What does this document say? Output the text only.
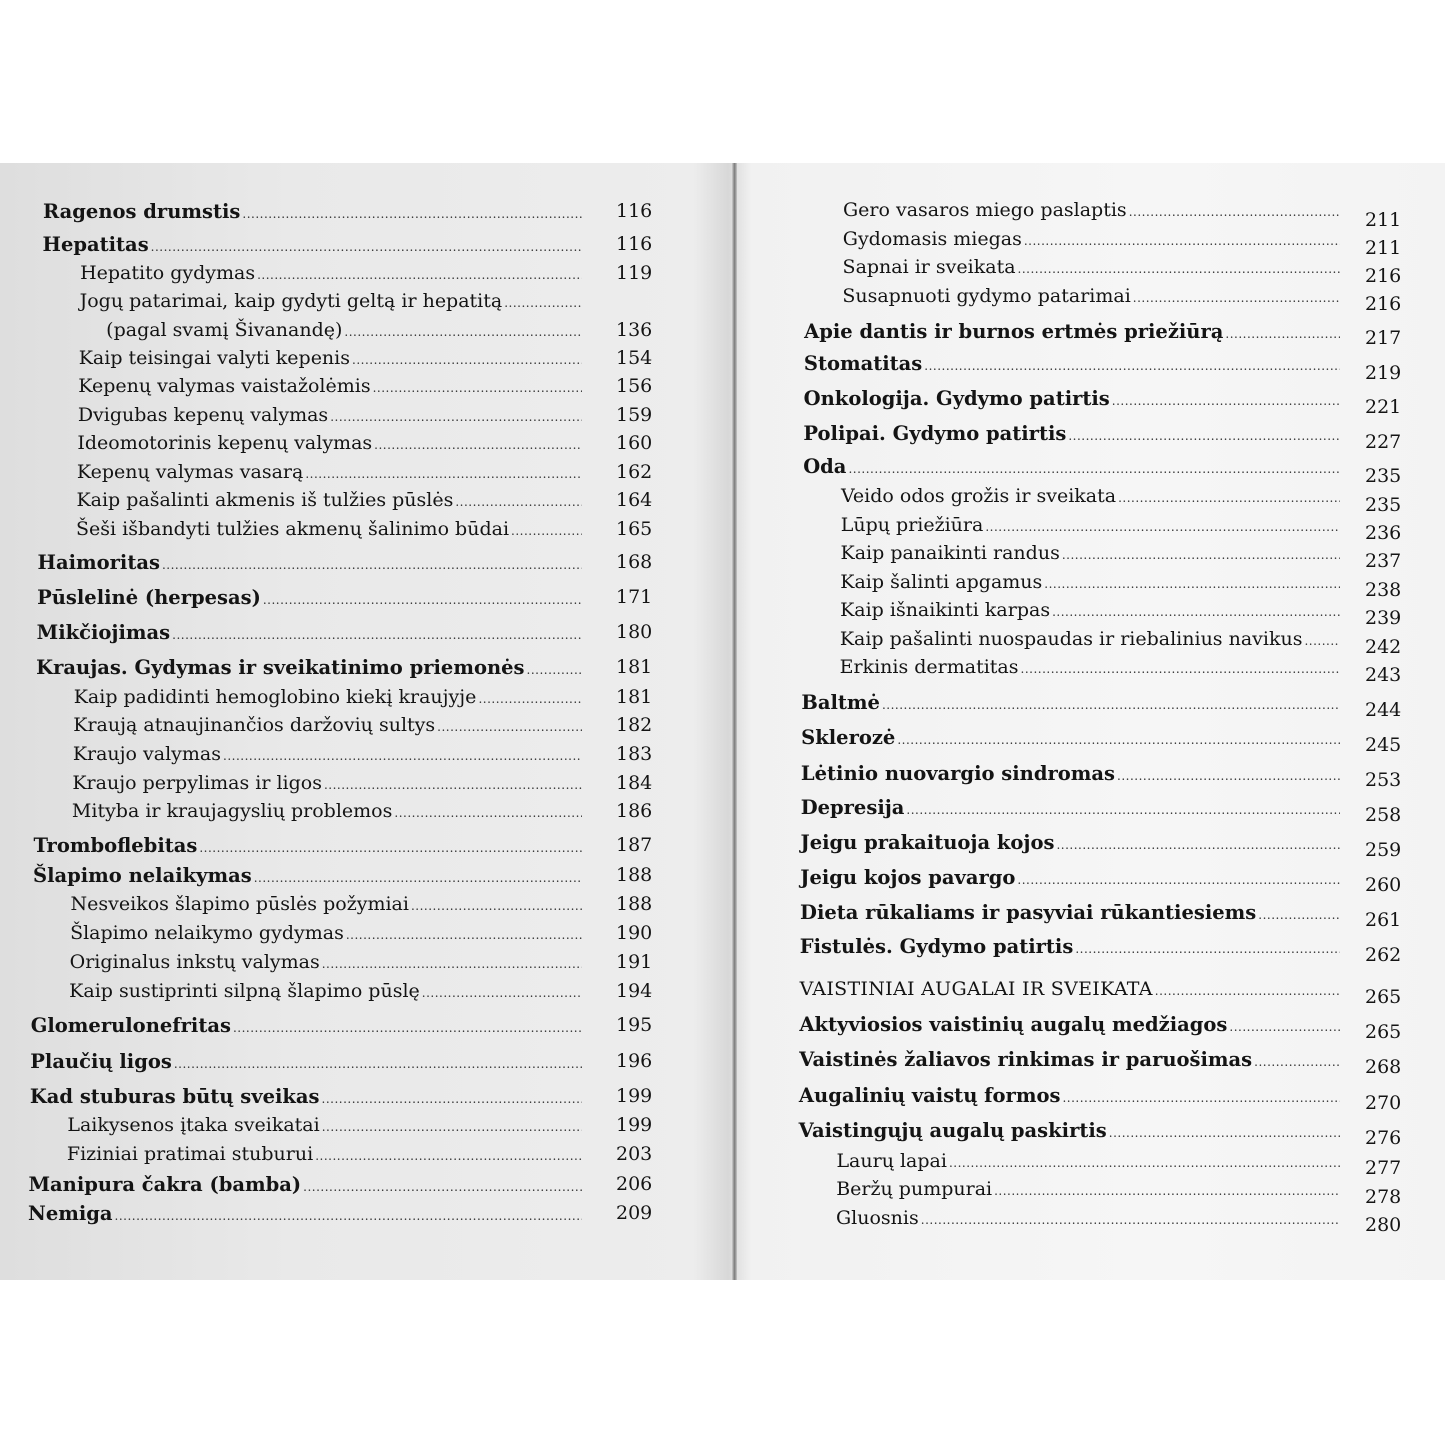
Ragenos drumstis .....	116
Hepatitas .....	116
Hepatito gydymas .....	119
Jogų patarimai, kaip gydyti geltą ir hepatitą
.....
(pagal svamį Šivanandę) .....	136
Kaip teisingai valyti kepenis .....	154
Kepenų valymas vaistažolėmis .....	156
Dvigubas kepenų valymas .....	159
Ideomotorinis kepenų valymas .....	160
Kepenų valymas vasarą .....	162
Kaip pašalinti akmenis iš tulžies pūslės .....	164
Šeši išbandyti tulžies akmenų šalinimo būdai .....	165
Haimoritas .....	168
Pūslelinė (herpesas) .....	171
Mikčiojimas .....	180
Kraujas. Gydymas ir sveikatinimo priemonės .....	181
Kaip padidinti hemoglobino kiekį kraujyje .....	181
Kraują atnaujinančios daržovių sultys .....	182
Kraujo valymas .....	183
Kraujo perpylimas ir ligos .....	184
Mityba ir kraujagyslių problemos .....	186
Tromboflebitas .....	187
Šlapimo nelaikymas .....	188
Nesveikos šlapimo pūslės požymiai .....	188
Šlapimo nelaikymo gydymas .....	190
Originalus inkstų valymas .....	191
Kaip sustiprinti silpną šlapimo pūslę .....	194
Glomerulonefritas .....	195
Plaučių ligos .....	196
Kad stuburas būtų sveikas .....	199
Laikysenos įtaka sveikatai .....	199
Fiziniai pratimai stuburui .....	203
Manipura čakra (bamba) .....	206
Nemiga .....	209
Gero vasaros miego paslaptis .....	211
Gydomasis miegas .....	211
Sapnai ir sveikata .....	216
Susapnuoti gydymo patarimai .....	216
Apie dantis ir burnos ertmės priežiūrą .....	217
Stomatitas .....	219
Onkologija. Gydymo patirtis .....	221
Polipai. Gydymo patirtis .....	227
Oda .....	235
Veido odos grožis ir sveikata .....	235
Lūpų priežiūra .....	236
Kaip panaikinti randus .....	237
Kaip šalinti apgamus .....	238
Kaip išnaikinti karpas .....	239
Kaip pašalinti nuospaudas ir riebalinius navikus .....	242
Erkinis dermatitas .....	243
Baltmė .....	244
Sklerozė .....	245
Lėtinio nuovargio sindromas .....	253
Depresija .....	258
Jeigu prakaituoja kojos .....	259
Jeigu kojos pavargo .....	260
Dieta rūkaliams ir pasyviai rūkantiesiems .....	261
Fistulės. Gydymo patirtis .....	262
VAISTINIAI AUGALAI IR SVEIKATA .....	265
Aktyviosios vaistinių augalų medžiagos .....	265
Vaistinės žaliavos rinkimas ir paruošimas .....	268
Augalinių vaistų formos .....	270
Vaistingųjų augalų paskirtis .....	276
Laurų lapai .....	277
Beržų pumpurai .....	278
Gluosnis .....	280
